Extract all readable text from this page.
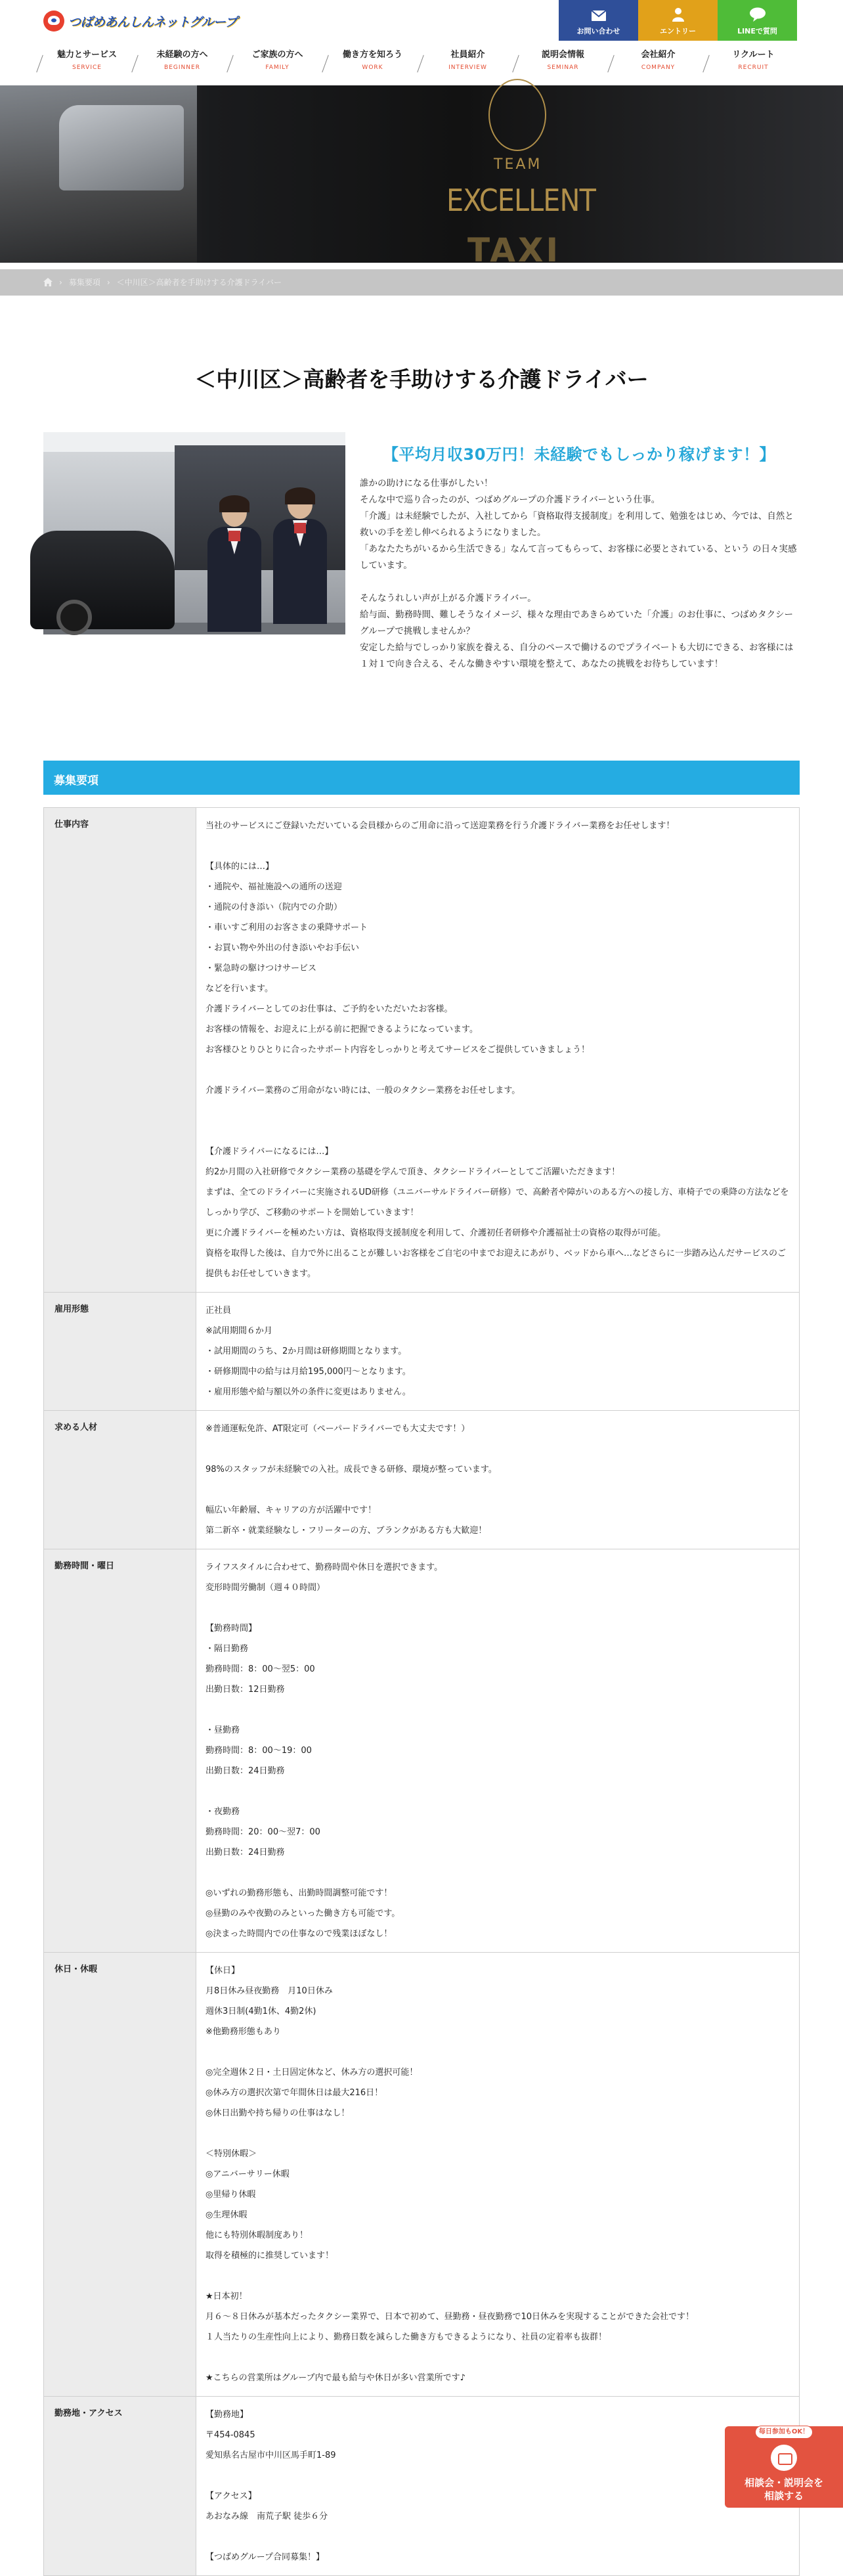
つばめあんしんネットグループ
お問い合わせ	エントリー	LINEで質問
魅力とサービス
SERVICE
未経験の方へ
BEGINNER
ご家族の方へ
FAMILY
働き方を知ろう
WORK
社員紹介
INTERVIEW
説明会情報
SEMINAR
会社紹介
COMPANY
リクルート
RECRUIT
TEAM
EXCELLENT
TAXI
› 募集要項 › ＜中川区＞高齢者を手助けする介護ドライバー
＜中川区＞高齢者を手助けする介護ドライバー
【平均月収30万円！未経験でもしっかり稼げます！】

誰かの助けになる仕事がしたい！

そんな中で巡り合ったのが、つばめグループの介護ドライバーという仕事。

「介護」は未経験でしたが、入社してから「資格取得支援制度」を利用して、勉強をはじめ、今では、自然と救いの手を差し伸べられるようになりました。

「あなたたちがいるから生活できる」なんて言ってもらって、お客様に必要とされている、という の日々実感しています。

そんなうれしい声が上がる介護ドライバー。

給与面、勤務時間、難しそうなイメージ、様々な理由であきらめていた「介護」のお仕事に、つばめタクシーグループで挑戦しませんか？

安定した給与でしっかり家族を養える、自分のペースで働けるのでプライベートも大切にできる、お客様には１対１で向き合える、そんな働きやすい環境を整えて、あなたの挑戦をお待ちしています！

募集要項
仕事内容	当社のサービスにご登録いただいている会員様からのご用命に沿って送迎業務を行う介護ドライバー業務をお任せします！

【具体的には…】

・通院や、福祉施設への通所の送迎

・通院の付き添い（院内での介助）

・車いすご利用のお客さまの乗降サポート

・お買い物や外出の付き添いやお手伝い

・緊急時の駆けつけサービス

などを行います。

介護ドライバーとしてのお仕事は、ご予約をいただいたお客様。

お客様の情報を、お迎えに上がる前に把握できるようになっています。

お客様ひとりひとりに合ったサポート内容をしっかりと考えてサービスをご提供していきましょう！

介護ドライバー業務のご用命がない時には、一般のタクシー業務をお任せします。

【介護ドライバーになるには…】

約2か月間の入社研修でタクシー業務の基礎を学んで頂き、タクシードライバーとしてご活躍いただきます！

まずは、全てのドライバーに実施されるUD研修（ユニバーサルドライバー研修）で、高齢者や障がいのある方への接し方、車椅子での乗降の方法などをしっかり学び、ご移動のサポートを開始していきます！

更に介護ドライバーを極めたい方は、資格取得支援制度を利用して、介護初任者研修や介護福祉士の資格の取得が可能。

資格を取得した後は、自力で外に出ることが難しいお客様をご自宅の中までお迎えにあがり、ベッドから車へ…などさらに一歩踏み込んだサービスのご提供もお任せしていきます。

雇用形態	正社員

※試用期間６か月

・試用期間のうち、2か月間は研修期間となります。

・研修期間中の給与は月給195,000円〜となります。

・雇用形態や給与額以外の条件に変更はありません。

求める人材	※普通運転免許、AT限定可（ペーパードライバーでも大丈夫です！）

98%のスタッフが未経験での入社。成長できる研修、環境が整っています。

幅広い年齢層、キャリアの方が活躍中です！

第二新卒・就業経験なし・フリーターの方、ブランクがある方も大歓迎！

勤務時間・曜日	ライフスタイルに合わせて、勤務時間や休日を選択できます。

変形時間労働制（週４０時間）

【勤務時間】

・隔日勤務

勤務時間：8：00〜翌5：00

出勤日数：12日勤務

・昼勤務

勤務時間：8：00〜19：00

出勤日数：24日勤務

・夜勤務

勤務時間：20：00〜翌7：00

出勤日数：24日勤務

◎いずれの勤務形態も、出勤時間調整可能です！

◎昼勤のみや夜勤のみといった働き方も可能です。

◎決まった時間内での仕事なので残業ほぼなし！

休日・休暇	【休日】

月8日休み昼夜勤務　月10日休み

週休3日制(4勤1休、4勤2休)

※他勤務形態もあり

◎完全週休２日・土日固定休など、休み方の選択可能！

◎休み方の選択次第で年間休日は最大216日！

◎休日出勤や持ち帰りの仕事はなし！

＜特別休暇＞

◎アニバーサリー休暇

◎里帰り休暇

◎生理休暇

他にも特別休暇制度あり！

取得を積極的に推奨しています！

★日本初！

月６〜８日休みが基本だったタクシー業界で、日本で初めて、昼勤務・昼夜勤務で10日休みを実現することができた会社です！

１人当たりの生産性向上により、勤務日数を減らした働き方もできるようになり、社員の定着率も抜群！

★こちらの営業所はグループ内で最も給与や休日が多い営業所です♪

勤務地・アクセス	【勤務地】

〒454-0845

愛知県名古屋市中川区馬手町1-89

【アクセス】

あおなみ線　南荒子駅 徒歩６分

【つばめグループ合同募集！】

毎日参加もOK！
相談会・説明会を
相談する
